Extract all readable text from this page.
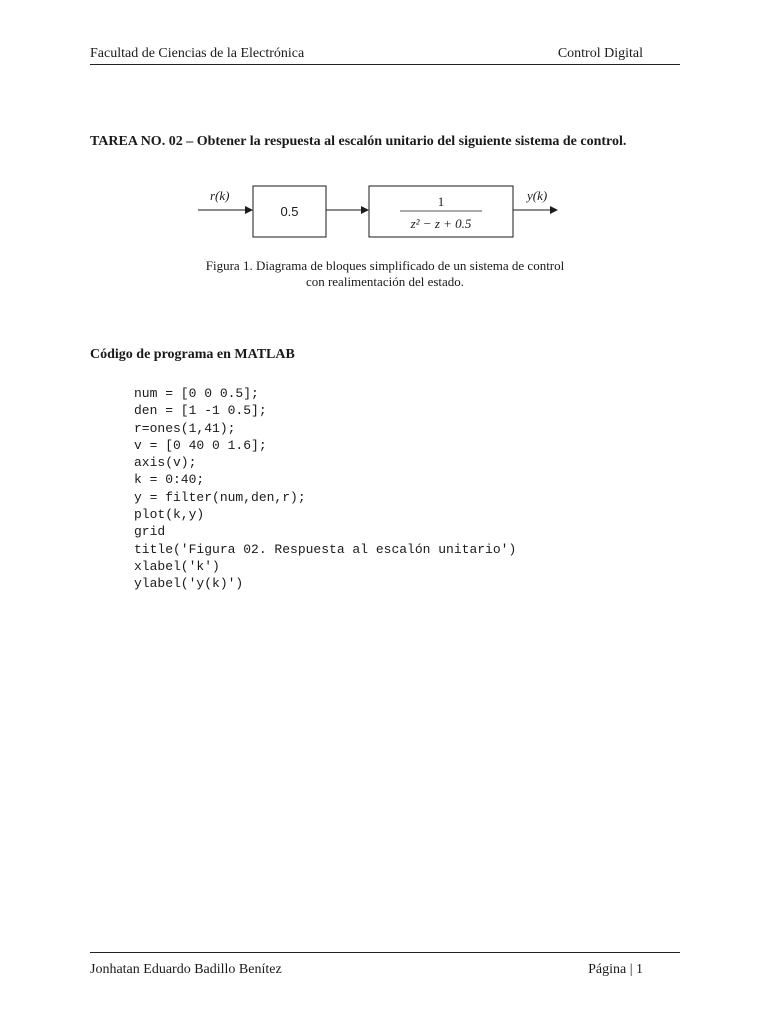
Facultad de Ciencias de la Electrónica	Control Digital
TAREA NO. 02 – Obtener la respuesta al escalón unitario del siguiente sistema de control.
r(k)
0.5
1
z² − z + 0.5
y(k)
Figura 1. Diagrama de bloques simplificado de un sistema de control
con realimentación del estado.
Código de programa en MATLAB
num = [0 0 0.5];
den = [1 -1 0.5];
r=ones(1,41);
v = [0 40 0 1.6];
axis(v);
k = 0:40;
y = filter(num,den,r);
plot(k,y)
grid
title('Figura 02. Respuesta al escalón unitario')
xlabel('k')
ylabel('y(k)')
Jonhatan Eduardo Badillo Benítez	Página | 1
